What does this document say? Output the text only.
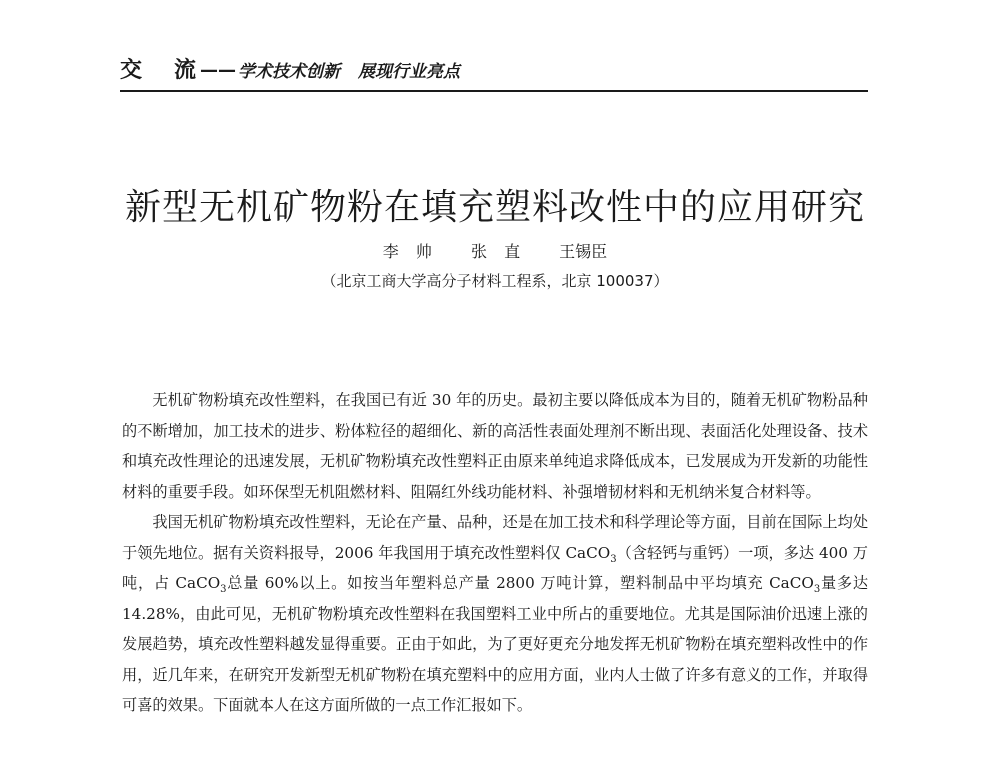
交 流 —— 学术技术创新 展现行业亮点
新型无机矿物粉在填充塑料改性中的应用研究
李 帅 张 直 王锡臣
（北京工商大学高分子材料工程系，北京 100037）

无机矿物粉填充改性塑料，在我国已有近 30 年的历史。最初主要以降低成本为目的，随着无机矿物粉品种的不断增加，加工技术的进步、粉体粒径的超细化、新的高活性表面处理剂不断出现、表面活化处理设备、技术和填充改性理论的迅速发展，无机矿物粉填充改性塑料正由原来单纯追求降低成本，已发展成为开发新的功能性材料的重要手段。如环保型无机阻燃材料、阻隔红外线功能材料、补强增韧材料和无机纳米复合材料等。

我国无机矿物粉填充改性塑料，无论在产量、品种，还是在加工技术和科学理论等方面，目前在国际上均处于领先地位。据有关资料报导，2006 年我国用于填充改性塑料仅 CaCO$_3$（含轻钙与重钙）一项，多达 400 万吨，占 CaCO$_3$总量 60%以上。如按当年塑料总产量 2800 万吨计算，塑料制品中平均填充 CaCO$_3$量多达 14.28%，由此可见，无机矿物粉填充改性塑料在我国塑料工业中所占的重要地位。尤其是国际油价迅速上涨的发展趋势，填充改性塑料越发显得重要。正由于如此，为了更好更充分地发挥无机矿物粉在填充塑料改性中的作用，近几年来，在研究开发新型无机矿物粉在填充塑料中的应用方面，业内人士做了许多有意义的工作，并取得可喜的效果。下面就本人在这方面所做的一点工作汇报如下。
